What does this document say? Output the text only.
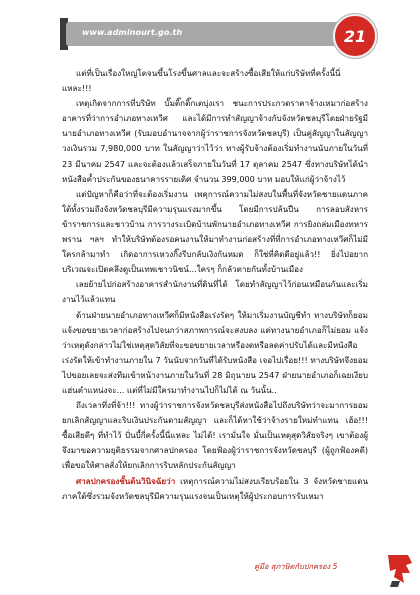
www.adminourt.go.th	21

แต่ที่เป็นเรื่องใหญ่โตจนขึ้นโรงขึ้นศาลและจะสร้างซื้อเสียให้แก่บริษัทที่ครั้งนี้นี่แหละ!!!

เหตุเกิดจากการที่บริษัท บั๊มติ๊กติ๊กเตบุ่งเรา ชนะการประกวดราคาจ้างเหมาก่อสร้างอาคารที่ว่าการอำเภอทางเหวีศ และได้มีการทำสัญญาจ้างกับจังหวัดชลบุรีโดยฝ่ายรัฐมีนายอำเภอทางเหวีศ (รับมอบอำนาจจากผู้ว่าราชการจังหวัดชลบุรี) เป็นคู่สัญญาในสัญญาวงเงินรวม 7,980,000 บาท ในสัญญาว่าไว้ว่า ทางผู้รับจ้างต้องเริ่มทำงานนับภายในวันที่ 23 มีนาคม 2547 และจะต้องแล้วเสร็จภายในวันที่ 17 ตุลาคม 2547 ซึ่งทางบริษัทได้นำหนังสือค้ำประกันของธนาคารรายเดิศ จำนวน 399,000 บาท มอบให้แก่ผู้ว่าจ้างไว้

แต่ปัญหาก็คือว่าที่จะต้องเริ่มงาน เพคุการณ์ความไม่สงบในพื้นที่จังหวัดชายแดนภาคใต้ทั้งรวมถึงจังหวัดชลบุรีมีความรุนแรงมากขึ้น โดยมีการปล้นปืน การลอบสังหารข้าราชการและชาวบ้าน การวางระเบิดบ้านพักนายอำเภอทางเหวีศ การยิงถล่มเมืองทหารพราน ฯลฯ ทำให้บริษัทต้องรอคนงานให้มาทำงานก่อสร้างที่ที่การอำเภอทางเหวีศก็ไม่มีใครกล้ามาทำ เกิดอาการเหวงกิ๊งรีบกลับเงิงกันหมด ก็ใช่ที่คิดดีอยู่แล้ว!! ยิ่งไปอยากบริเวณจะเปิดคลึงดูเป็นเทพเชาวนิชน์...ใครๆ ก็กลัวตายกันทั้งบ้านเมือง

เลยย้ายไปก่อสร้างอาคารสำนักงานที่ดินที่ได้ โดยทำสัญญาไว้ก่อนเหมือนกันและเริ่มงานไว้แล้วแทน

ด้านฝ่ายนายอำเภอทางเหวีศก็มีหนังสือเร่งรัดๆ ให้มาเริ่มงานบัญชีทำ ทางบริษัทก็ยอมแจ้งขอขยายเวลาก่อสร้างไปจนกว่าสภาพการณ์จะสงบลง แต่ทางนายอำเภอก็ไม่ยอม แจ้งว่าเหตุดังกล่าวไม่ใช่เหตุสุดวิสัยที่จะขอขยายเวลาหรืองดหรือลดค่าปรับได้และมีหนังสือเร่งรัดให้เข้าทำงานภายใน 7 วันนับจากวันที่ได้รับหนังสือ เจอไปเรื่อย!!! ทางบริษัทจึงยอมไปขอยเลยจะส่งทีมเข้าหน้างานภายในวันที่ 28 มิถุนายน 2547 ฝ่ายนายอำเภอก็เฉยเงียบแฮ่นตำแหน่งจะ... แต่ที่ไม่มีใครมาทำงานไปก็ไม่ได้ ณ วันนั้น..

ถึงเวลาทึ่งที่จ้า!!! ทางผู้ว่าราชการจังหวัดชลบุรีส่งหนังสือไปถึงบริษัทว่าจะมาการยอมยกเลิกสัญญาและริบเงินประกันตามสัญญา และก็ได้หาใช้ว่าจ้างรายใหม่ทำแทน เฮ้อ!!! ซื้อเสียดีๆ ที่ทำไว้ ปั่นบี้กี่ครั้งนี้นี่แหละ ไม่ได้! เรามั่นใจ มั่นเป็นเหตุสุดวิสัยจริงๆ เขาต้องผู้จึงมาขอความยุติธรรมจากศาลปกครอง โดยฟ้องผู้ว่าราชการจังหวัดชลบุรี (ผู้ถูกฟ้องคดี) เพื่อขอให้ศาลสั่งให้ยกเลิกการริบหลักประกันสัญญา

ศาลปกครองชั้นต้นวินิจฉัยว่า เหตุการณ์ความไม่สงบเรียบร้อยใน 3 จังหวัดชายแดนภาคใต้ซึ่งรวมจังหวัดชลบุรีมีความรุนแรงจนเป็นเหตุให้ผู้ประกอบการรับเหมา

คู่มือ สุภาษิตกับปกครอง 5
